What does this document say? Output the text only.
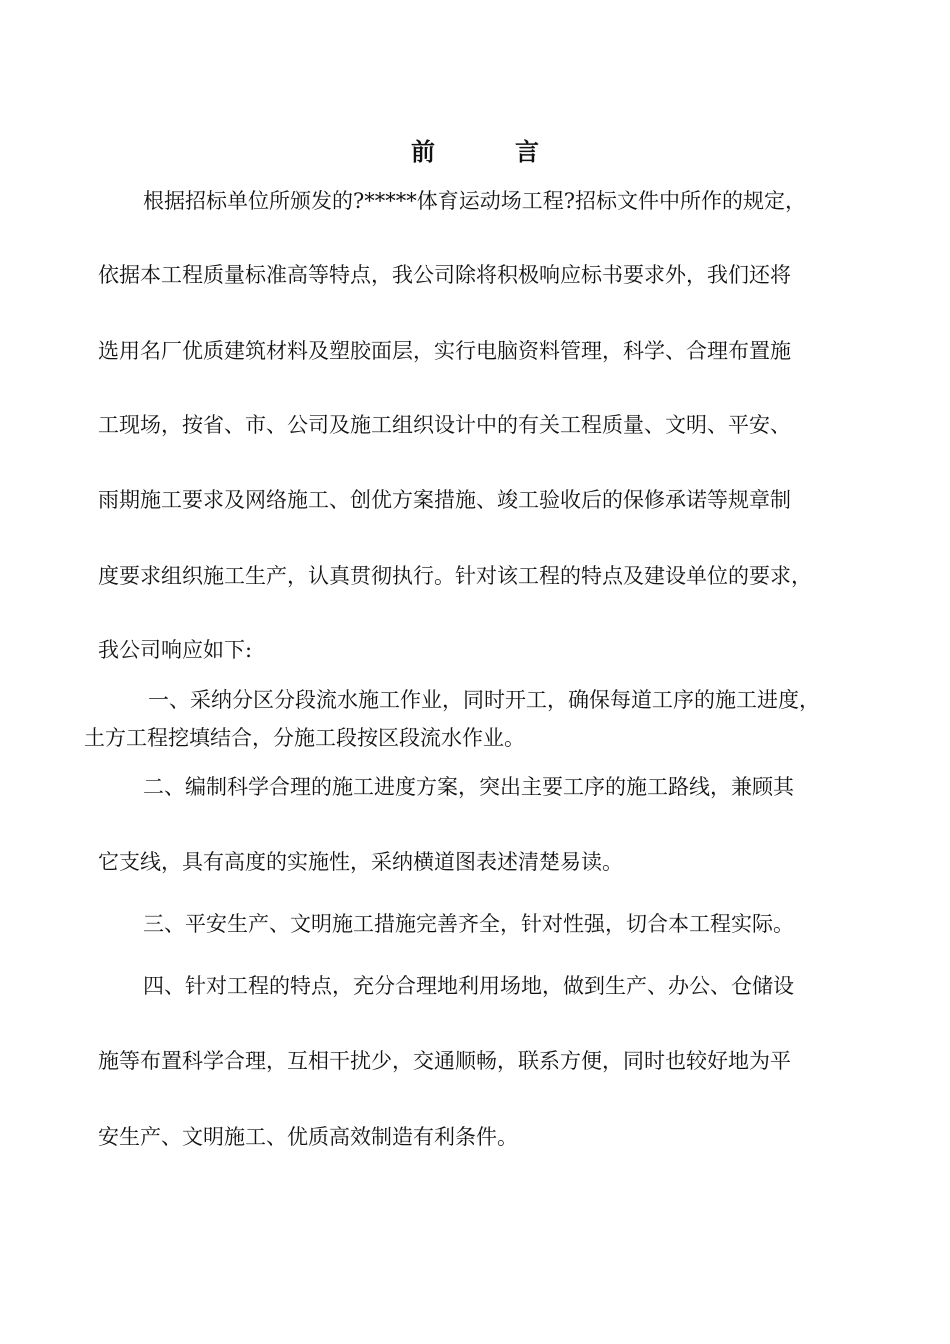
前　言

根据招标单位所颁发的?*****体育运动场工程?招标文件中所作的规定，

依据本工程质量标准高等特点，我公司除将积极响应标书要求外，我们还将

选用名厂优质建筑材料及塑胶面层，实行电脑资料管理，科学、合理布置施

工现场，按省、市、公司及施工组织设计中的有关工程质量、文明、平安、

雨期施工要求及网络施工、创优方案措施、竣工验收后的保修承诺等规章制

度要求组织施工生产，认真贯彻执行。针对该工程的特点及建设单位的要求，

我公司响应如下:

一、采纳分区分段流水施工作业，同时开工，确保每道工序的施工进度，

土方工程挖填结合，分施工段按区段流水作业。

二、编制科学合理的施工进度方案，突出主要工序的施工路线，兼顾其

它支线，具有高度的实施性，采纳横道图表述清楚易读。

三、平安生产、文明施工措施完善齐全，针对性强，切合本工程实际。

四、针对工程的特点，充分合理地利用场地，做到生产、办公、仓储设

施等布置科学合理，互相干扰少，交通顺畅，联系方便，同时也较好地为平

安生产、文明施工、优质高效制造有利条件。
